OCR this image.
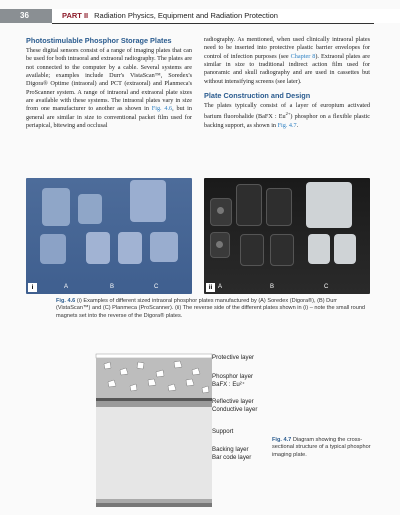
36	PART II Radiation Physics, Equipment and Radiation Protection
Photostimulable Phosphor Storage Plates

These digital sensors consist of a range of imaging plates that can be used for both intraoral and extraoral radiography. The plates are not connected to the computer by a cable. Several systems are available; examples include Durr's VistaScan™, Soredex's Digora® Optime (intraoral) and PCT (extraoral) and Planmeca's ProScanner system. A range of intraoral and extraoral plate sizes are available with these systems. The intraoral plates vary in size from one manufacturer to another as shown in Fig. 4.6, but in general are similar in size to conventional packet film used for periapical, bitewing and occlusal

radiography. As mentioned, when used clinically intraoral plates need to be inserted into protective plastic barrier envelopes for control of infection purposes (see Chapter 8). Extraoral plates are similar in size to traditional indirect action film used for panoramic and skull radiography and are used in cassettes but without intensifying screens (see later).

Plate Construction and Design

The plates typically consist of a layer of europium activated barium fluorohalide (BaFX : $Eu^{2+}$) phosphor on a flexible plastic backing support, as shown in Fig. 4.7.

A	B	C
i	A	B	C
ii
Fig. 4.6 (i) Examples of different sized intraoral phosphor plates manufactured by (A) Soredex (Digora®), (B) Durr (VistaScan™) and (C) Planmeca (ProScanner). (ii) The reverse side of the different plates shown in (i) – note the small round magnets set into the reverse of the Digora® plates.
Protective layer
Phosphor layer
BaFX : Eu²⁺
Reflective layer
Conductive layer
Support
Backing layer
Bar code layer
Fig. 4.7 Diagram showing the cross-sectional structure of a typical phosphor imaging plate.
